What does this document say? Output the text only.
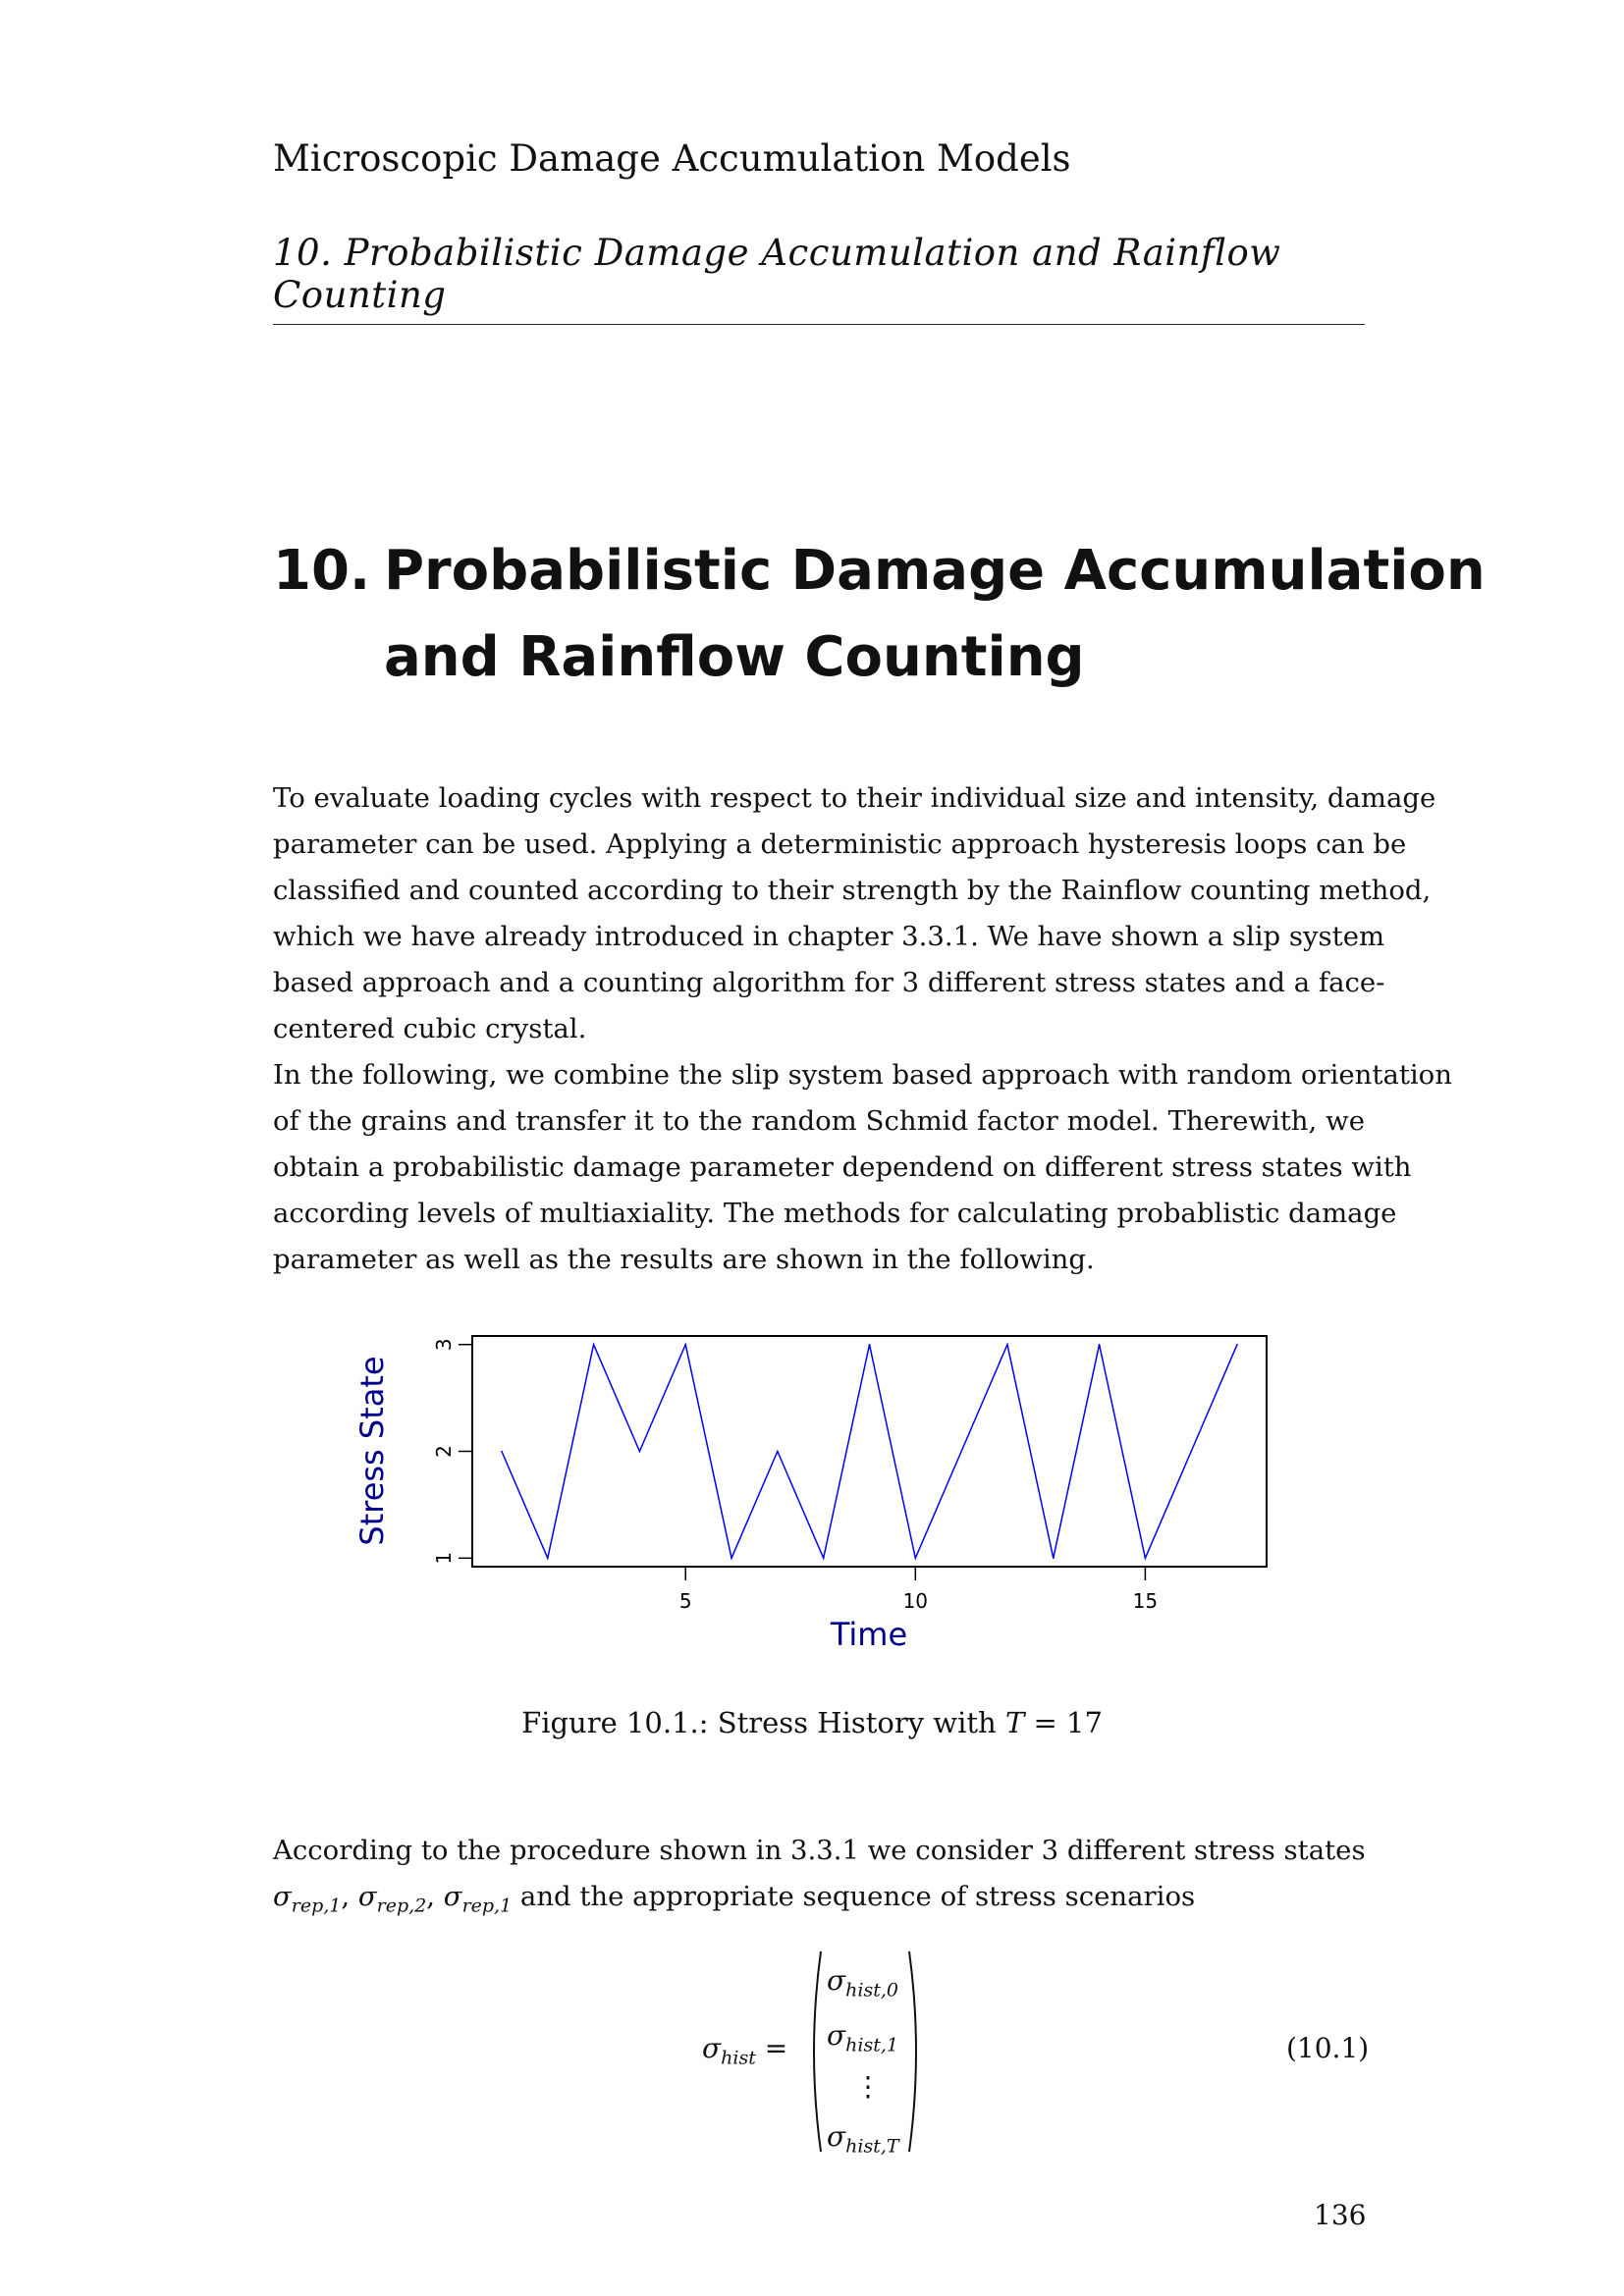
Microscopic Damage Accumulation Models
10. Probabilistic Damage Accumulation and Rainflow Counting
10. Probabilistic Damage Accumulation
and Rainflow Counting
To evaluate loading cycles with respect to their individual size and intensity, damage
parameter can be used. Applying a deterministic approach hysteresis loops can be
classified and counted according to their strength by the Rainflow counting method,
which we have already introduced in chapter 3.3.1. We have shown a slip system
based approach and a counting algorithm for 3 different stress states and a face-
centered cubic crystal.
In the following, we combine the slip system based approach with random orientation
of the grains and transfer it to the random Schmid factor model. Therewith, we
obtain a probabilistic damage parameter dependend on different stress states with
according levels of multiaxiality. The methods for calculating probablistic damage
parameter as well as the results are shown in the following.
5	10	15
1
2
3
Time
Stress State
Figure 10.1.: Stress History with T = 17
According to the procedure shown in 3.3.1 we consider 3 different stress states
$\sigma_{rep,1}$, $\sigma_{rep,2}$, $\sigma_{rep,1}$ and the appropriate sequence of stress scenarios
$\sigma_{hist}$ =
$\sigma_{hist,0}$
$\sigma_{hist,1}$
⋮
$\sigma_{hist,T}$
(10.1)
136
